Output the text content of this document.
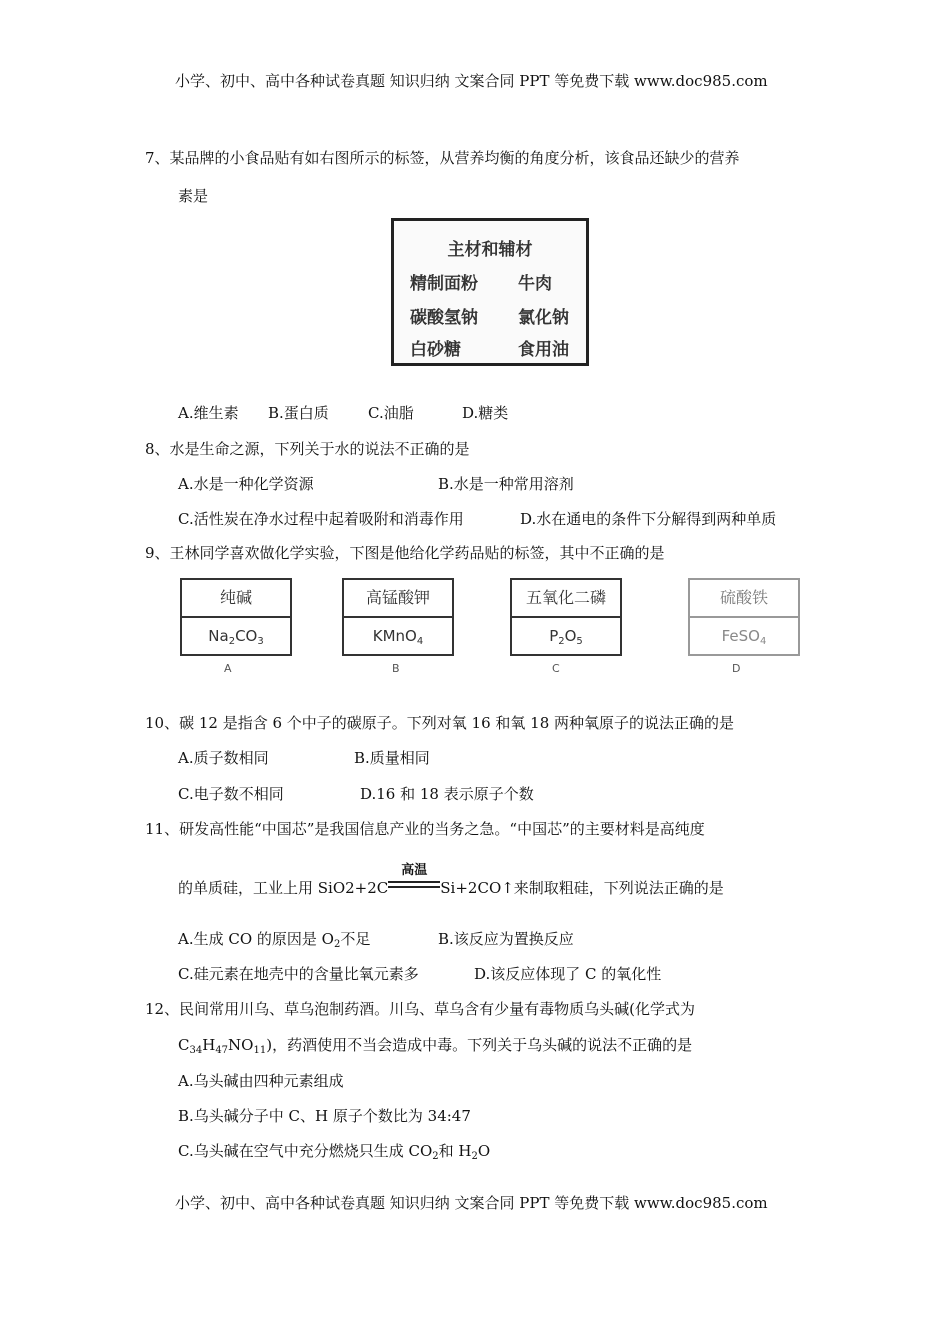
小学、初中、高中各种试卷真题 知识归纳 文案合同 PPT 等免费下载 www.doc985.com
7、某品牌的小食品贴有如右图所示的标签，从营养均衡的角度分析，该食品还缺少的营养
素是
主材和辅材
精制面粉 牛肉
碳酸氢钠 氯化钠
白砂糖	食用油
A.维生素 B.蛋白质	C.油脂	D.糖类
8、水是生命之源，下列关于水的说法不正确的是
A.水是一种化学资源	B.水是一种常用溶剂
C.活性炭在净水过程中起着吸附和消毒作用	D.水在通电的条件下分解得到两种单质
9、王林同学喜欢做化学实验，下图是他给化学药品贴的标签，其中不正确的是
纯碱
$Na_2CO_3$
高锰酸钾
KMnO$_4$
五氧化二磷
$P_2O_5$
硫酸铁
FeSO$_4$
A	B	C	D
10、碳 12 是指含 6 个中子的碳原子。下列对氧 16 和氧 18 两种氧原子的说法正确的是
A.质子数相同	B.质量相同
C.电子数不相同	D.16 和 18 表示原子个数
11、研发高性能“中国芯”是我国信息产业的当务之急。“中国芯”的主要材料是高纯度
的单质硅，工业上用 SiO2+2C
高温
Si+2CO↑来制取粗硅，下列说法正确的是
A.生成 CO 的原因是 $O_2$不足	B.该反应为置换反应
C.硅元素在地壳中的含量比氧元素多	D.该反应体现了 C 的氧化性
12、民间常用川乌、草乌泡制药酒。川乌、草乌含有少量有毒物质乌头碱(化学式为
$C_{34}H_{47}NO_{11}$)，药酒使用不当会造成中毒。下列关于乌头碱的说法不正确的是
A.乌头碱由四种元素组成
B.乌头碱分子中 C、H 原子个数比为 34:47
C.乌头碱在空气中充分燃烧只生成 $CO_2$和 $H_2O$
小学、初中、高中各种试卷真题 知识归纳 文案合同 PPT 等免费下载 www.doc985.com
